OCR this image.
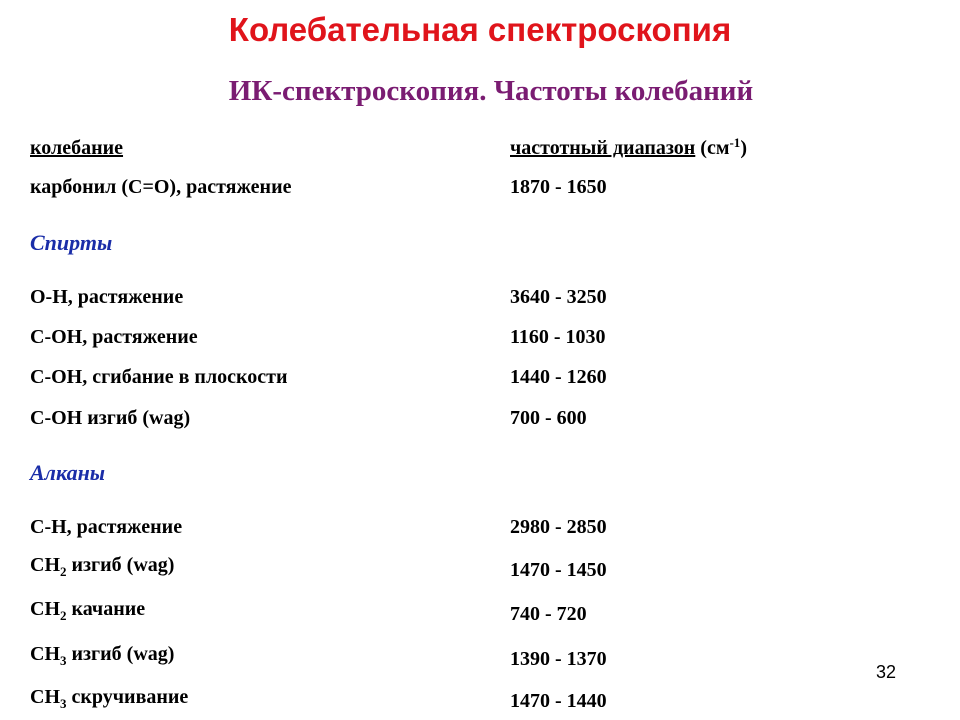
Колебательная спектроскопия
ИК-спектроскопия. Частоты колебаний
колебание	частотный диапазон $(см^{-1})$
карбонил (C=O), растяжение	1870 - 1650
Спирты
O-H, растяжение	3640 - 3250
C-OH, растяжение	1160 - 1030
C-OH, сгибание в плоскости	1440 - 1260
C-OH изгиб (wag)	700 - 600
Алканы
C-H, растяжение	2980 - 2850
$CH_2$ изгиб (wag)	1470 - 1450
$CH_2$ качание	740 - 720
$CH_3$ изгиб (wag)	1390 - 1370
$CH_3$ скручивание	1470 - 1440
32
